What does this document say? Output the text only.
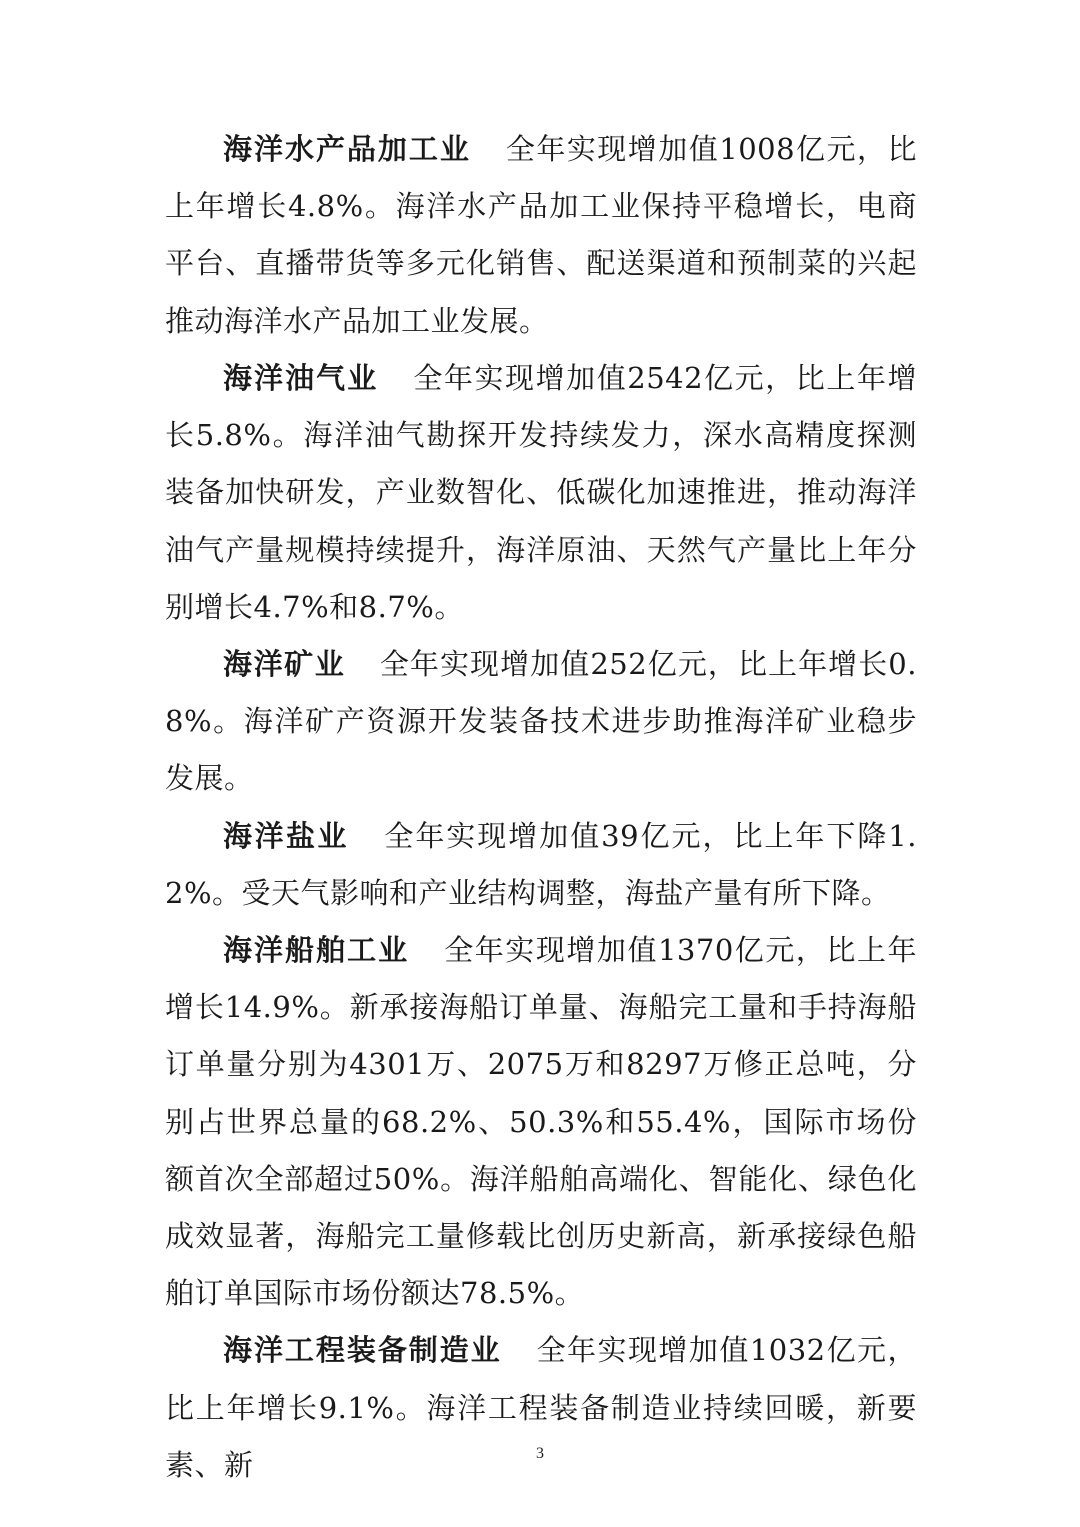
海洋水产品加工业 全年实现增加值1008亿元，比上年增长4.8%。海洋水产品加工业保持平稳增长，电商平台、直播带货等多元化销售、配送渠道和预制菜的兴起推动海洋水产品加工业发展。

海洋油气业 全年实现增加值2542亿元，比上年增长5.8%。海洋油气勘探开发持续发力，深水高精度探测装备加快研发，产业数智化、低碳化加速推进，推动海洋油气产量规模持续提升，海洋原油、天然气产量比上年分别增长4.7%和8.7%。

海洋矿业 全年实现增加值252亿元，比上年增长0.8%。海洋矿产资源开发装备技术进步助推海洋矿业稳步发展。

海洋盐业 全年实现增加值39亿元，比上年下降1.2%。受天气影响和产业结构调整，海盐产量有所下降。

海洋船舶工业 全年实现增加值1370亿元，比上年增长14.9%。新承接海船订单量、海船完工量和手持海船订单量分别为4301万、2075万和8297万修正总吨，分别占世界总量的68.2%、50.3%和55.4%，国际市场份额首次全部超过50%。海洋船舶高端化、智能化、绿色化成效显著，海船完工量修载比创历史新高，新承接绿色船舶订单国际市场份额达78.5%。

海洋工程装备制造业 全年实现增加值1032亿元，比上年增长9.1%。海洋工程装备制造业持续回暖，新要素、新	3
